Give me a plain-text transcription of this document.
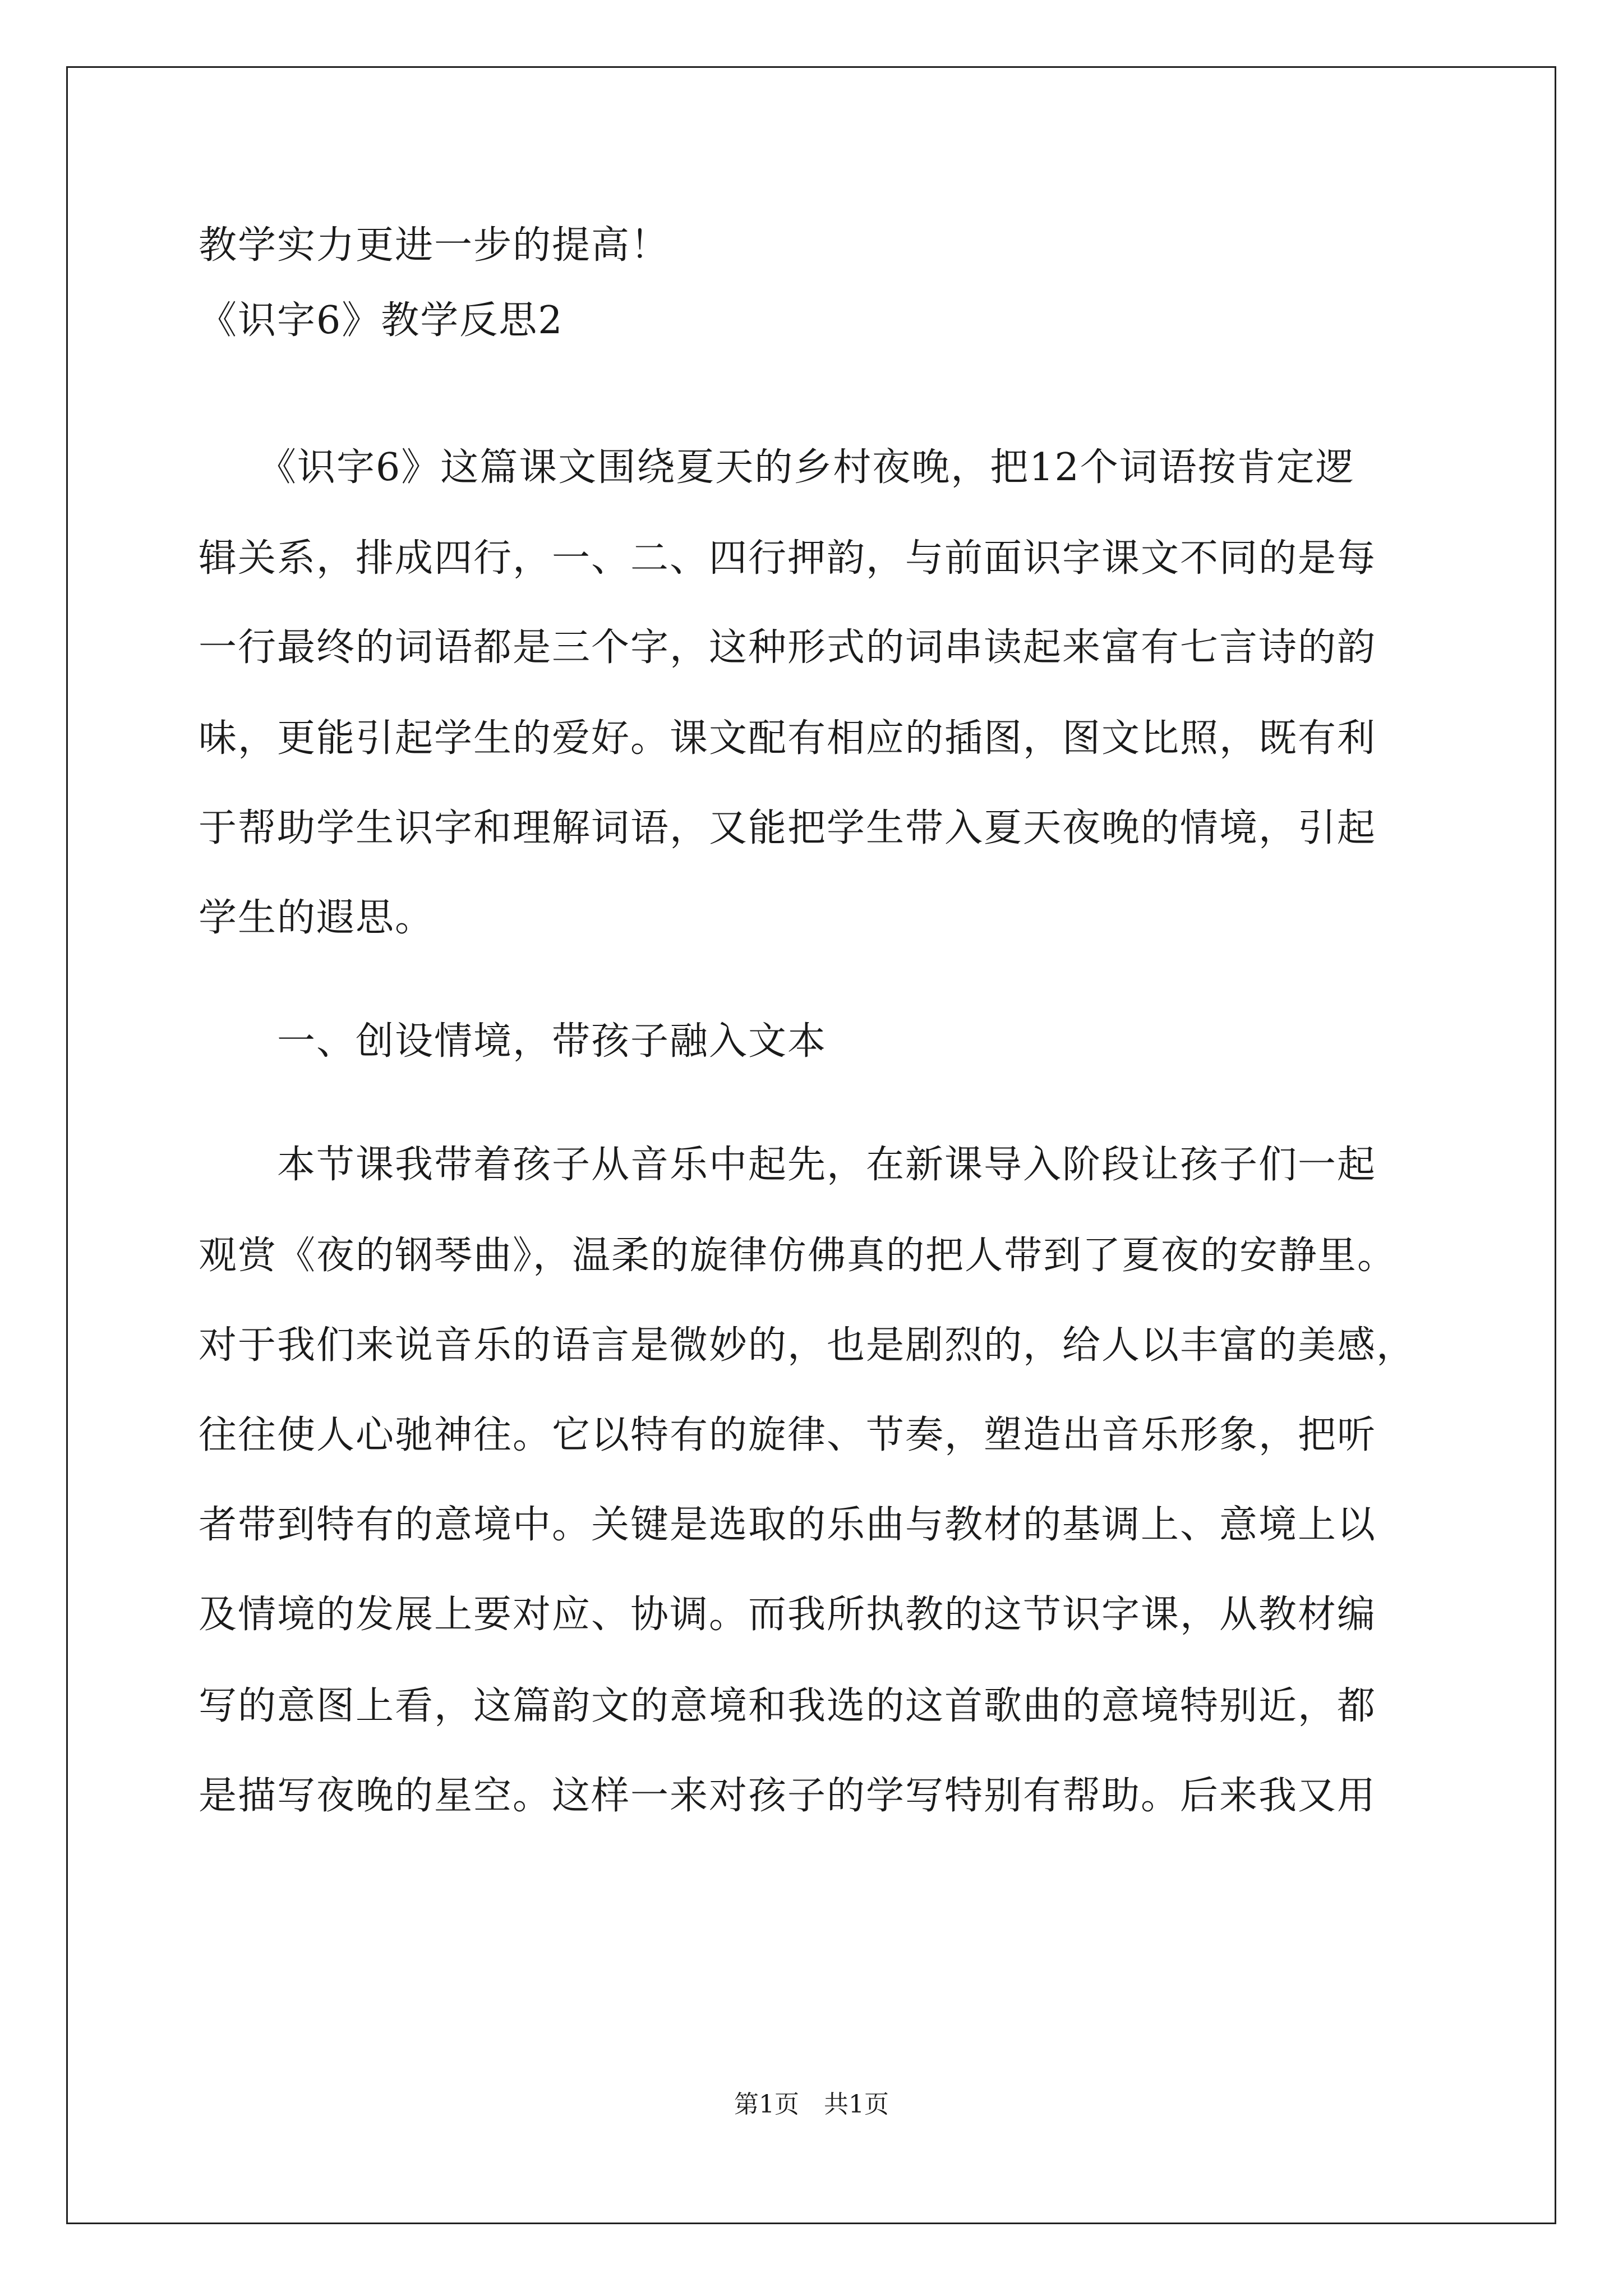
教学实力更进一步的提高！
《识字6》教学反思2
　　《识字6》这篇课文围绕夏天的乡村夜晚，把12个词语按肯定逻
辑关系，排成四行，一、二、四行押韵，与前面识字课文不同的是每
一行最终的词语都是三个字，这种形式的词串读起来富有七言诗的韵
味，更能引起学生的爱好。课文配有相应的插图，图文比照，既有利
于帮助学生识字和理解词语，又能把学生带入夏天夜晚的情境，引起
学生的遐思。
　　一、创设情境，带孩子融入文本
　　本节课我带着孩子从音乐中起先，在新课导入阶段让孩子们一起
观赏《夜的钢琴曲》，温柔的旋律仿佛真的把人带到了夏夜的安静里。
对于我们来说音乐的语言是微妙的，也是剧烈的，给人以丰富的美感，
往往使人心驰神往。它以特有的旋律、节奏，塑造出音乐形象，把听
者带到特有的意境中。关键是选取的乐曲与教材的基调上、意境上以
及情境的发展上要对应、协调。而我所执教的这节识字课，从教材编
写的意图上看，这篇韵文的意境和我选的这首歌曲的意境特别近，都
是描写夜晚的星空。这样一来对孩子的学写特别有帮助。后来我又用
第1页　共1页
